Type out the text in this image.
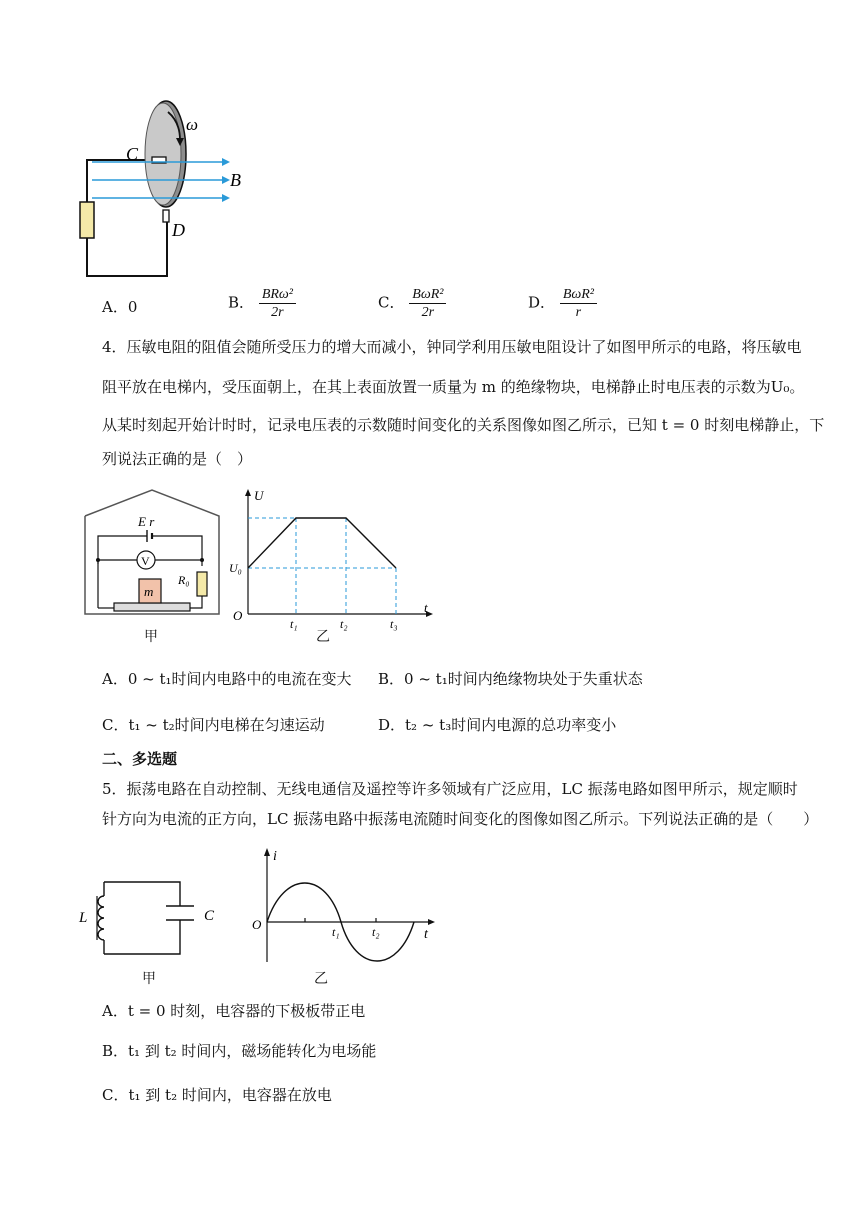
ω
C
B
D
A．0	B． $\frac{\text{BRω²}}{2r}$	C． $\frac{\text{BωR²}}{2r}$	D． $\frac{\text{BωR²}}{r}$
4．压敏电阻的阻值会随所受压力的增大而减小，钟同学利用压敏电阻设计了如图甲所示的电路，将压敏电
阻平放在电梯内，受压面朝上，在其上表面放置一质量为 m 的绝缘物块，电梯静止时电压表的示数为U₀。
从某时刻起开始计时时，记录电压表的示数随时间变化的关系图像如图乙所示，已知 t = 0 时刻电梯静止，下
列说法正确的是（　）
E r
V
m
R₀
甲
U
U₀
O
t
t₁	t₂	t₃
乙
A．0 ~ t₁时间内电路中的电流在变大 B．0 ~ t₁时间内绝缘物块处于失重状态
C．t₁ ~ t₂时间内电梯在匀速运动	D．t₂ ~ t₃时间内电源的总功率变小
二、多选题
5．振荡电路在自动控制、无线电通信及遥控等许多领域有广泛应用，LC 振荡电路如图甲所示，规定顺时
针方向为电流的正方向，LC 振荡电路中振荡电流随时间变化的图像如图乙所示。下列说法正确的是（　　）
L	C
甲
i
O
t
t₁	t₂
乙
A．t = 0 时刻，电容器的下极板带正电
B．t₁ 到 t₂ 时间内，磁场能转化为电场能
C．t₁ 到 t₂ 时间内，电容器在放电
